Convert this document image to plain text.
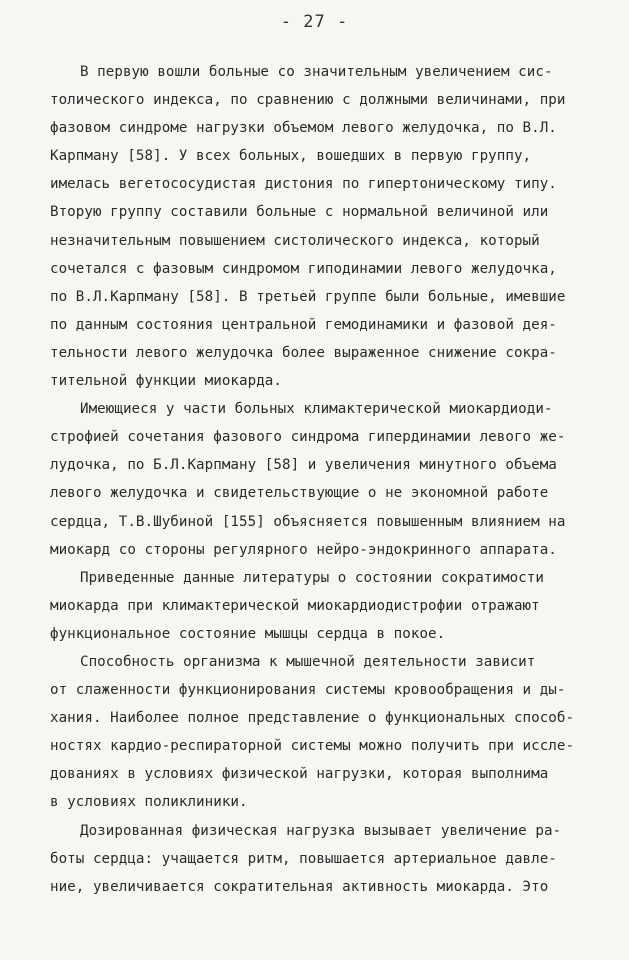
- 27 -
В первую вошли больные со значительным увеличением сис-
толического индекса, по сравнению с должными величинами, при
фазовом синдроме нагрузки объемом левого желудочка, по В.Л.
Карпману [58]. У всех больных, вошедших в первую группу,
имелась вегетососудистая дистония по гипертоническому типу.
Вторую группу составили больные с нормальной величиной или
незначительным повышением систолического индекса, который
сочетался с фазовым синдромом гиподинамии левого желудочка,
по В.Л.Карпману [58]. В третьей группе были больные, имевшие
по данным состояния центральной гемодинамики и фазовой дея-
тельности левого желудочка более выраженное снижение сокра-
тительной функции миокарда.
Имеющиеся у части больных климактерической миокардиоди-
строфией сочетания фазового синдрома гипердинамии левого же-
лудочка, по Б.Л.Карпману [58] и увеличения минутного объема
левого желудочка и свидетельствующие о не экономной работе
сердца, Т.В.Шубиной [155] объясняется повышенным влиянием на
миокард со стороны регулярного нейро-эндокринного аппарата.
Приведенные данные литературы о состоянии сократимости
миокарда при климактерической миокардиодистрофии отражают
функциональное состояние мышцы сердца в покое.
Способность организма к мышечной деятельности зависит
от слаженности функционирования системы кровообращения и ды-
хания. Наиболее полное представление о функциональных способ-
ностях кардио-респираторной системы можно получить при иссле-
дованиях в условиях физической нагрузки, которая выполнима
в условиях поликлиники.
Дозированная физическая нагрузка вызывает увеличение ра-
боты сердца: учащается ритм, повышается артериальное давле-
ние, увеличивается сократительная активность миокарда. Это
